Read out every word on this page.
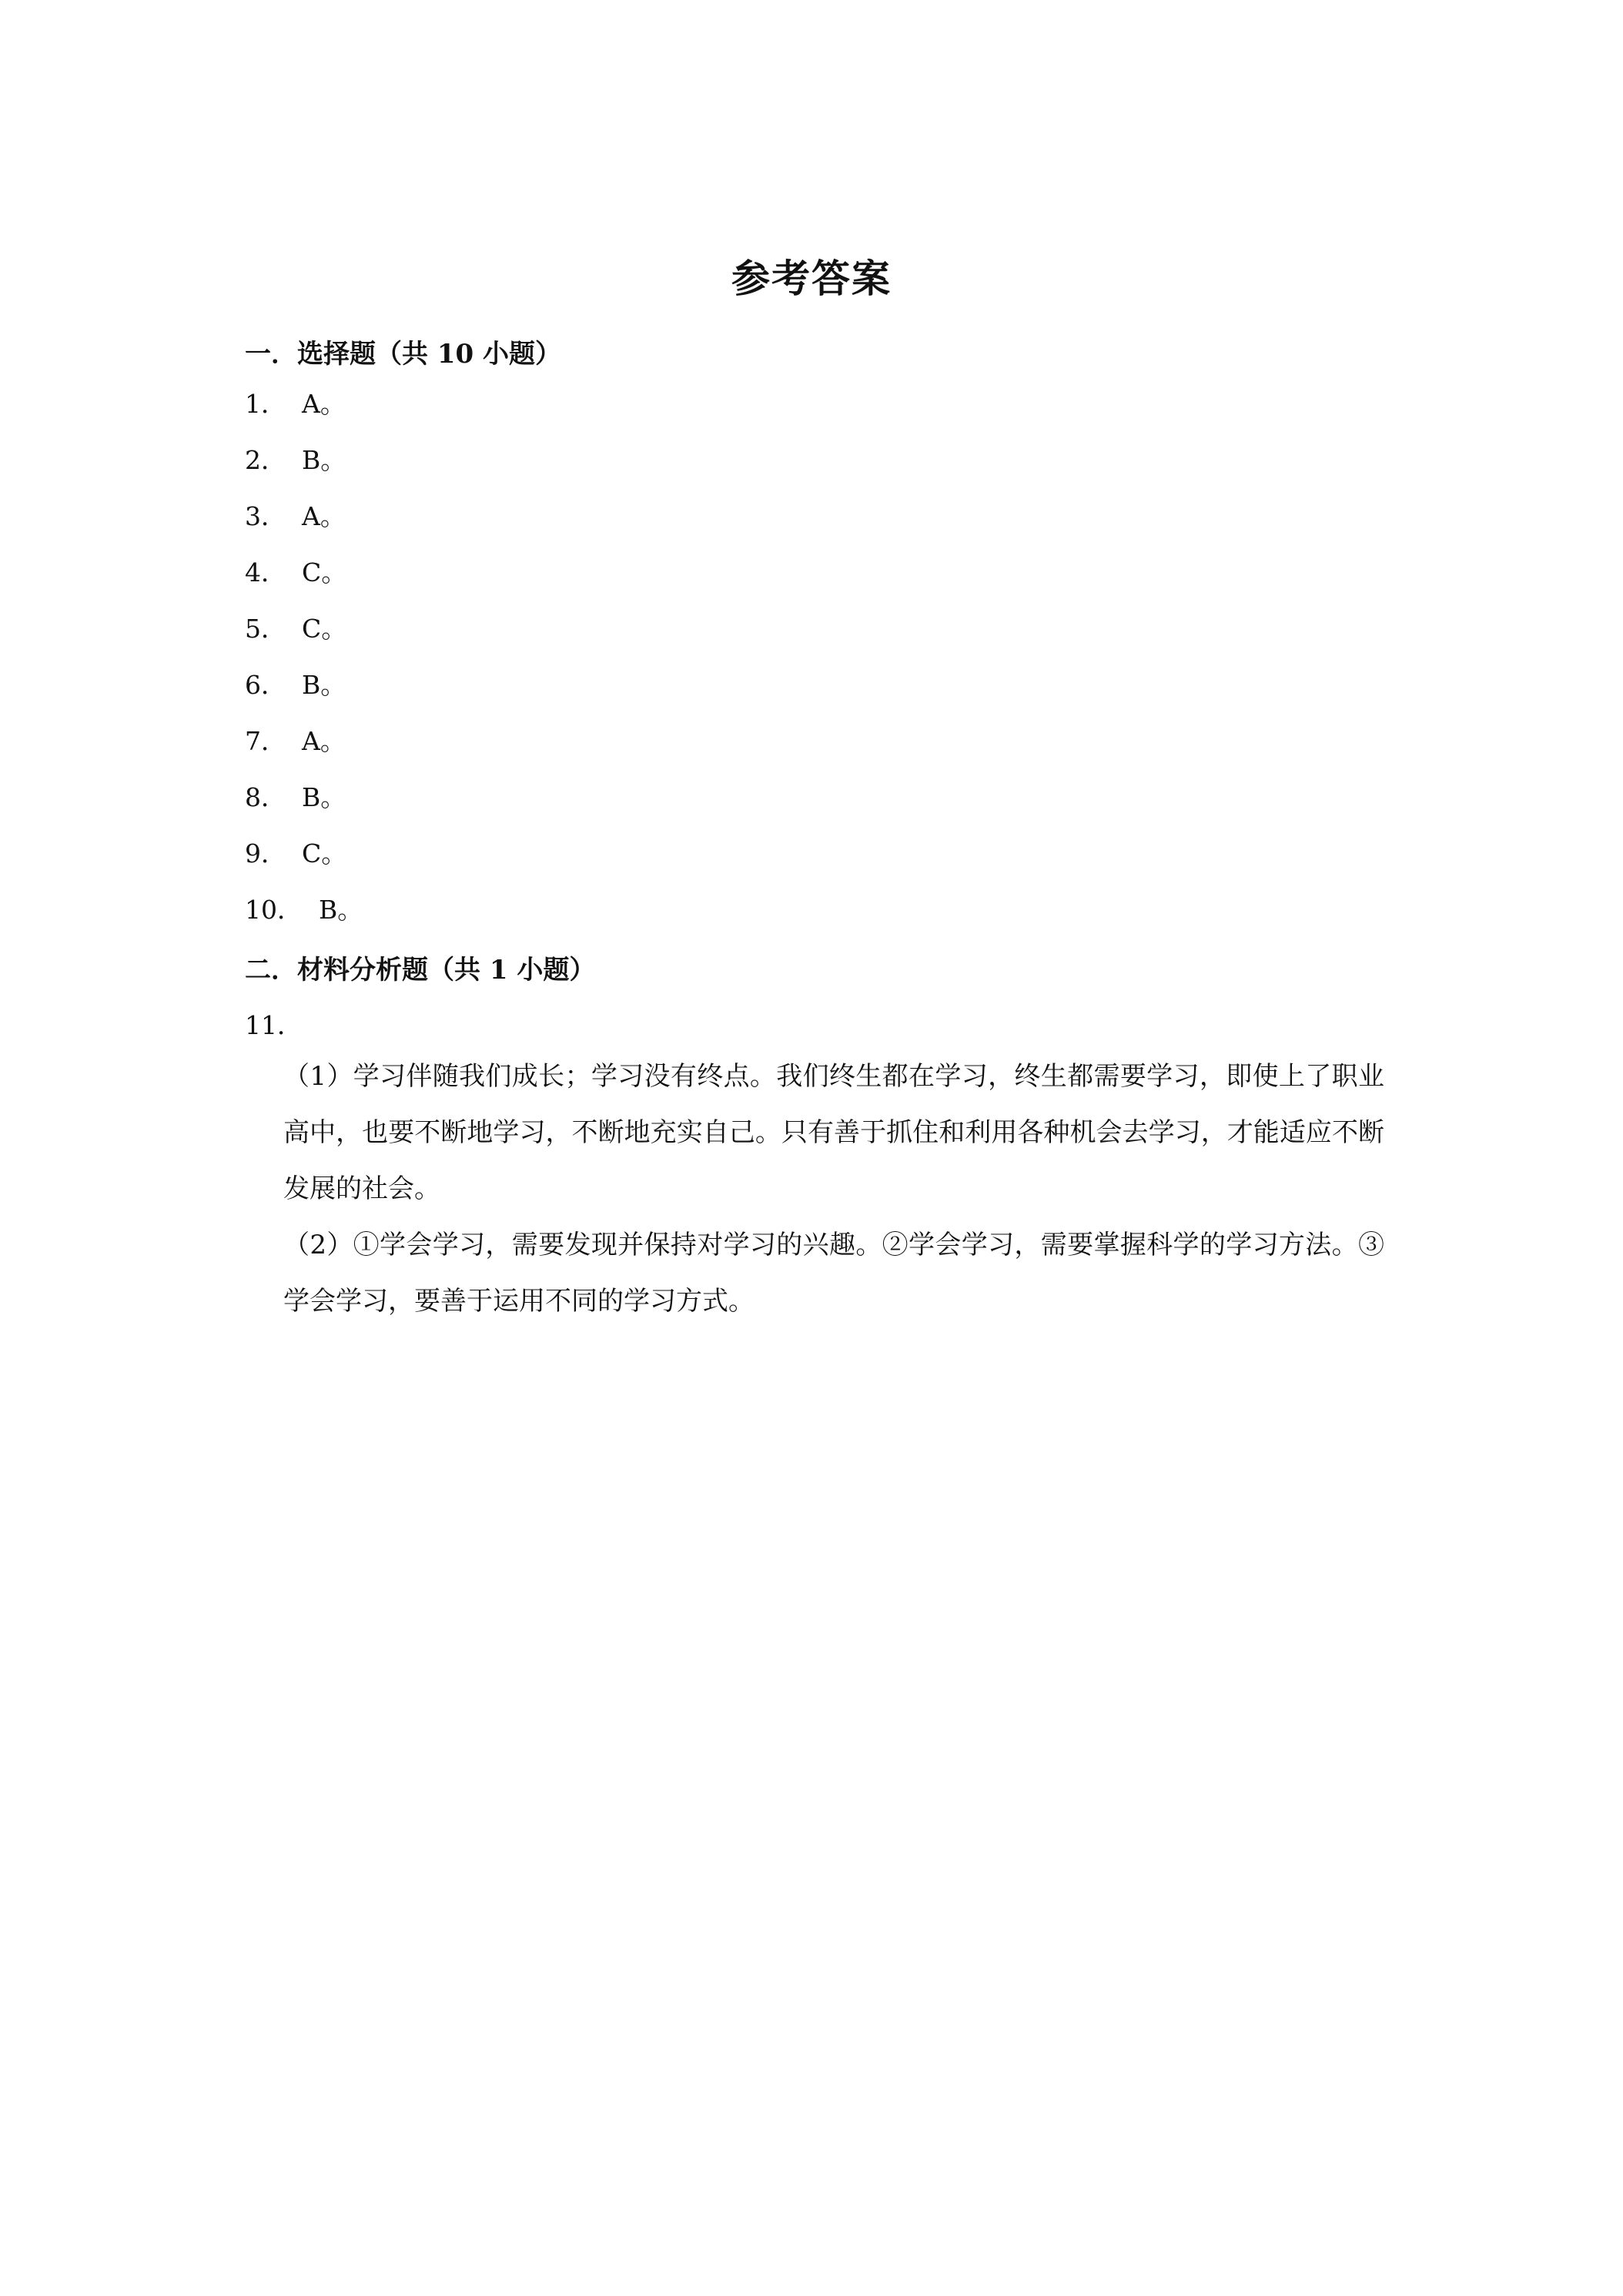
参考答案
一．选择题（共 10 小题）
1． A。
2． B。
3． A。
4． C。
5． C。
6． B。
7． A。
8． B。
9． C。
10． B。
二．材料分析题（共 1 小题）
11．
（1）学习伴随我们成长；学习没有终点。我们终生都在学习，终生都需要学习，即使上了职业高中，也要不断地学习，不断地充实自己。只有善于抓住和利用各种机会去学习，才能适应不断发展的社会。
（2）①学会学习，需要发现并保持对学习的兴趣。②学会学习，需要掌握科学的学习方法。③学会学习，要善于运用不同的学习方式。
